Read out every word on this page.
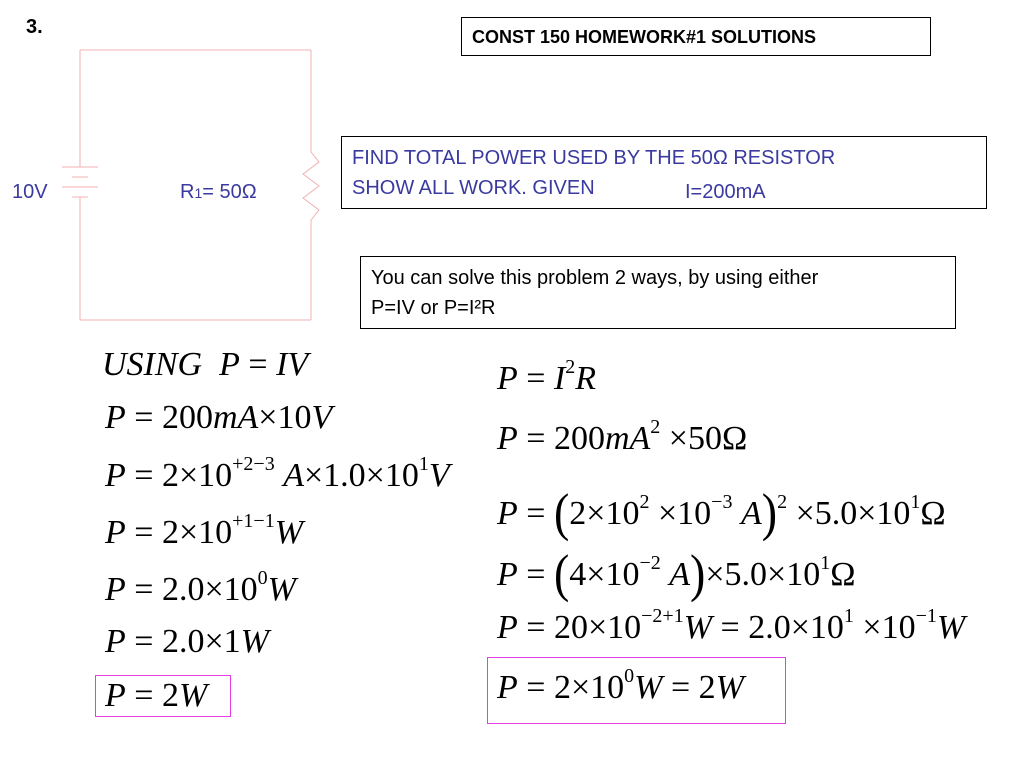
3.	CONST 150 HOMEWORK#1 SOLUTIONS
10V	R1= 50Ω
FIND TOTAL POWER USED BY THE 50Ω RESISTOR
SHOW ALL WORK. GIVEN	I=200mA
You can solve this problem 2 ways, by using either
P=IV or P=I²R
USING P = IV
P = 200mA×10V
$P = 2\times 10^{+2-3}$ $A\times 1.0\times 10^1V$
$P = 2\times 10^{+1-1}W$
$P = 2.0\times 10^0W$
P = 2.0×1W
P = 2W
$P = I^2R$
$P = 200mA^2 \times 50\Omega$
$P = (2\times 10^2 \times 10^{-3}$ $A)^2 \times 5.0\times 10^1\Omega$
$P = (4\times 10^{-2}$ $A)\times 5.0\times 10^1\Omega$
$P = 20\times 10^{-2+1}W = 2.0\times 10^1 \times 10^{-1}W$
$P = 2\times 10^0W = 2W$
